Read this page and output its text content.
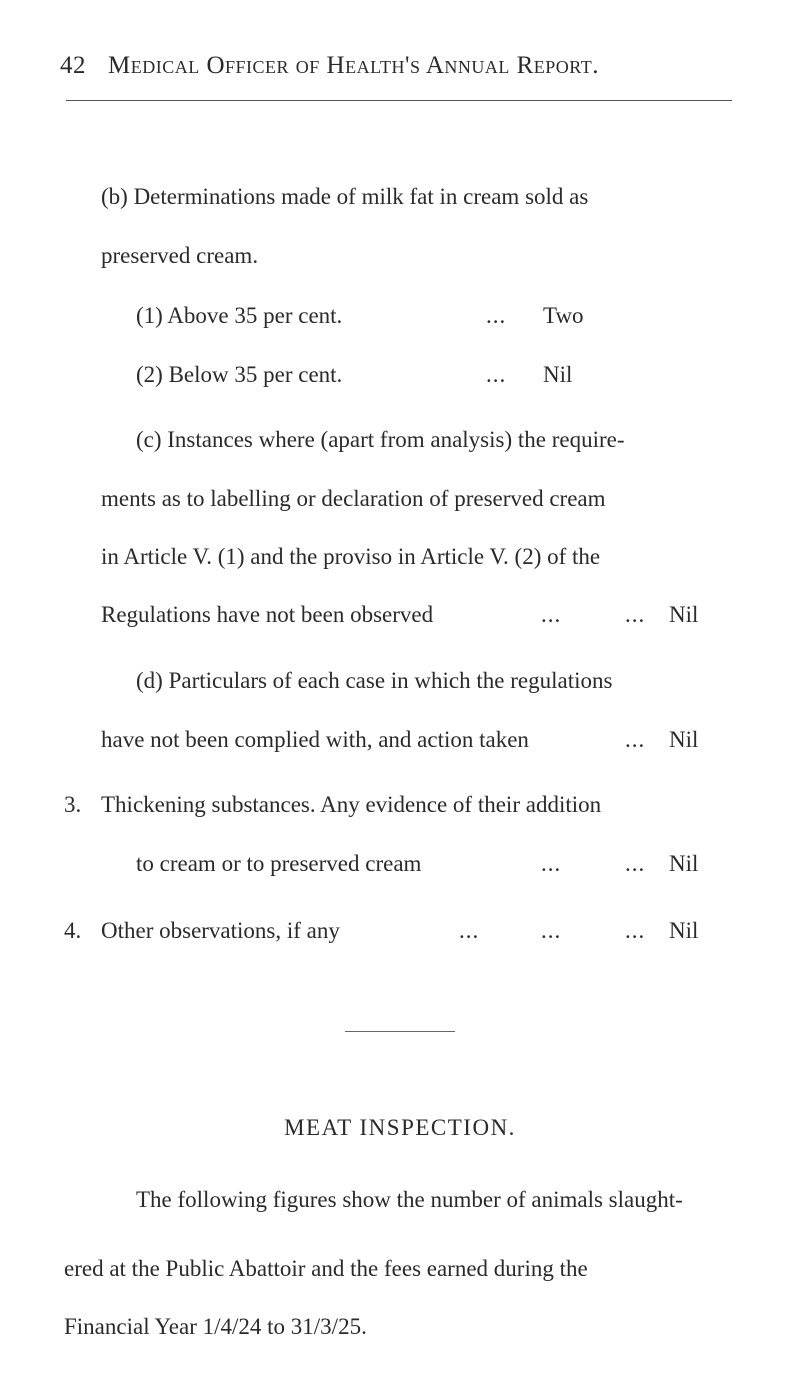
42 Medical Officer of Health's Annual Report.
(b) Determinations made of milk fat in cream sold as
preserved cream.
(1) Above 35 per cent.	... Two
(2) Below 35 per cent.	... Nil
(c) Instances where (apart from analysis) the require-
ments as to labelling or declaration of preserved cream
in Article V. (1) and the proviso in Article V. (2) of the
Regulations have not been observed	...	... Nil
(d) Particulars of each case in which the regulations
have not been complied with, and action taken	... Nil
3. Thickening substances. Any evidence of their addition
to cream or to preserved cream	...	... Nil
4. Other observations, if any	...	...	... Nil
MEAT INSPECTION.
The following figures show the number of animals slaught-
ered at the Public Abattoir and the fees earned during the
Financial Year 1/4/24 to 31/3/25.
